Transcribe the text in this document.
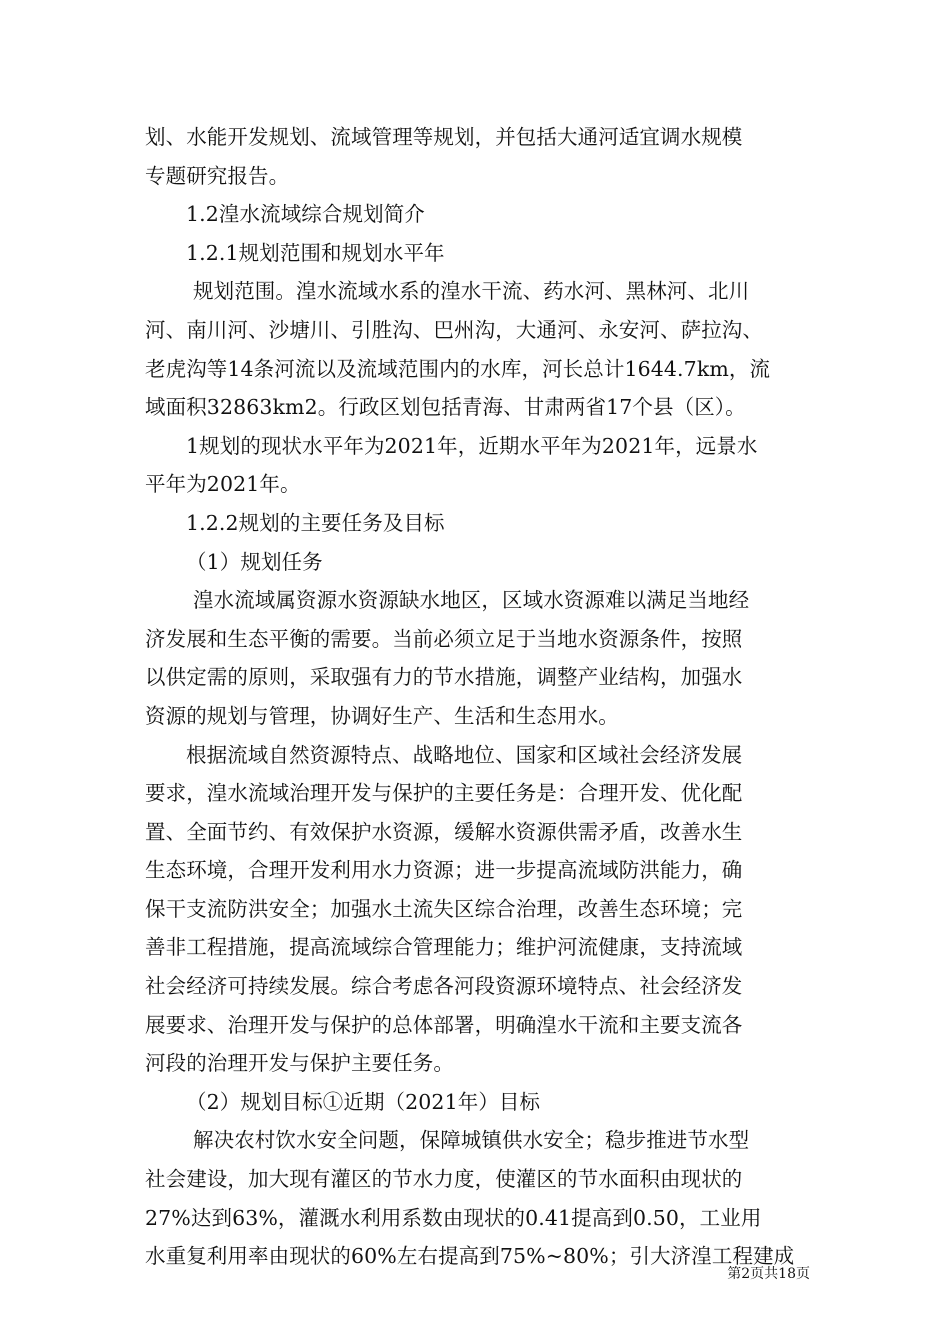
划、水能开发规划、流域管理等规划，并包括大通河适宜调水规模
专题研究报告。
1.2湟水流域综合规划简介
1.2.1规划范围和规划水平年
规划范围。湟水流域水系的湟水干流、药水河、黑林河、北川
河、南川河、沙塘川、引胜沟、巴州沟，大通河、永安河、萨拉沟、
老虎沟等14条河流以及流域范围内的水库，河长总计1644.7km，流
域面积32863km2。行政区划包括青海、甘肃两省17个县（区）。
1规划的现状水平年为2021年，近期水平年为2021年，远景水
平年为2021年。
1.2.2规划的主要任务及目标
（1）规划任务
湟水流域属资源水资源缺水地区，区域水资源难以满足当地经
济发展和生态平衡的需要。当前必须立足于当地水资源条件，按照
以供定需的原则，采取强有力的节水措施，调整产业结构，加强水
资源的规划与管理，协调好生产、生活和生态用水。
根据流域自然资源特点、战略地位、国家和区域社会经济发展
要求，湟水流域治理开发与保护的主要任务是：合理开发、优化配
置、全面节约、有效保护水资源，缓解水资源供需矛盾，改善水生
生态环境，合理开发利用水力资源；进一步提高流域防洪能力，确
保干支流防洪安全；加强水土流失区综合治理，改善生态环境；完
善非工程措施，提高流域综合管理能力；维护河流健康，支持流域
社会经济可持续发展。综合考虑各河段资源环境特点、社会经济发
展要求、治理开发与保护的总体部署，明确湟水干流和主要支流各
河段的治理开发与保护主要任务。
（2）规划目标①近期（2021年）目标
解决农村饮水安全问题，保障城镇供水安全；稳步推进节水型
社会建设，加大现有灌区的节水力度，使灌区的节水面积由现状的
27%达到63%，灌溉水利用系数由现状的0.41提高到0.50，工业用
水重复利用率由现状的60%左右提高到75%~80%；引大济湟工程建成
第2页共18页
